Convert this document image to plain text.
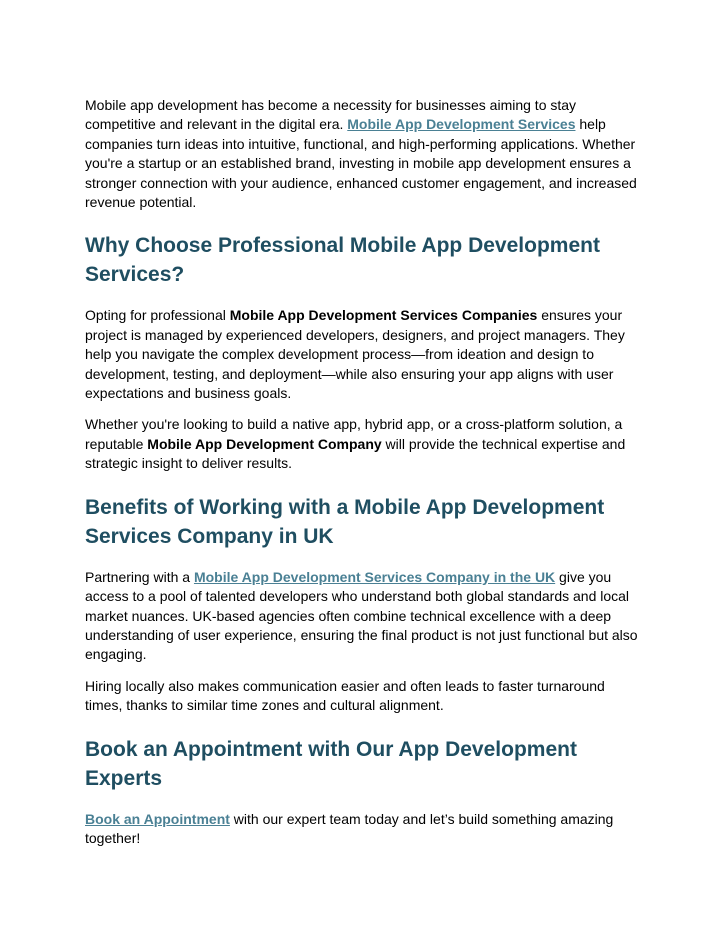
Mobile app development has become a necessity for businesses aiming to stay competitive and relevant in the digital era. Mobile App Development Services help companies turn ideas into intuitive, functional, and high-performing applications. Whether you're a startup or an established brand, investing in mobile app development ensures a stronger connection with your audience, enhanced customer engagement, and increased revenue potential.

Why Choose Professional Mobile App Development Services?

Opting for professional Mobile App Development Services Companies ensures your project is managed by experienced developers, designers, and project managers. They help you navigate the complex development process—from ideation and design to development, testing, and deployment—while also ensuring your app aligns with user expectations and business goals.

Whether you're looking to build a native app, hybrid app, or a cross-platform solution, a reputable Mobile App Development Company will provide the technical expertise and strategic insight to deliver results.

Benefits of Working with a Mobile App Development Services Company in UK

Partnering with a Mobile App Development Services Company in the UK give you access to a pool of talented developers who understand both global standards and local market nuances. UK-based agencies often combine technical excellence with a deep understanding of user experience, ensuring the final product is not just functional but also engaging.

Hiring locally also makes communication easier and often leads to faster turnaround times, thanks to similar time zones and cultural alignment.

Book an Appointment with Our App Development Experts

Book an Appointment with our expert team today and let’s build something amazing together!
